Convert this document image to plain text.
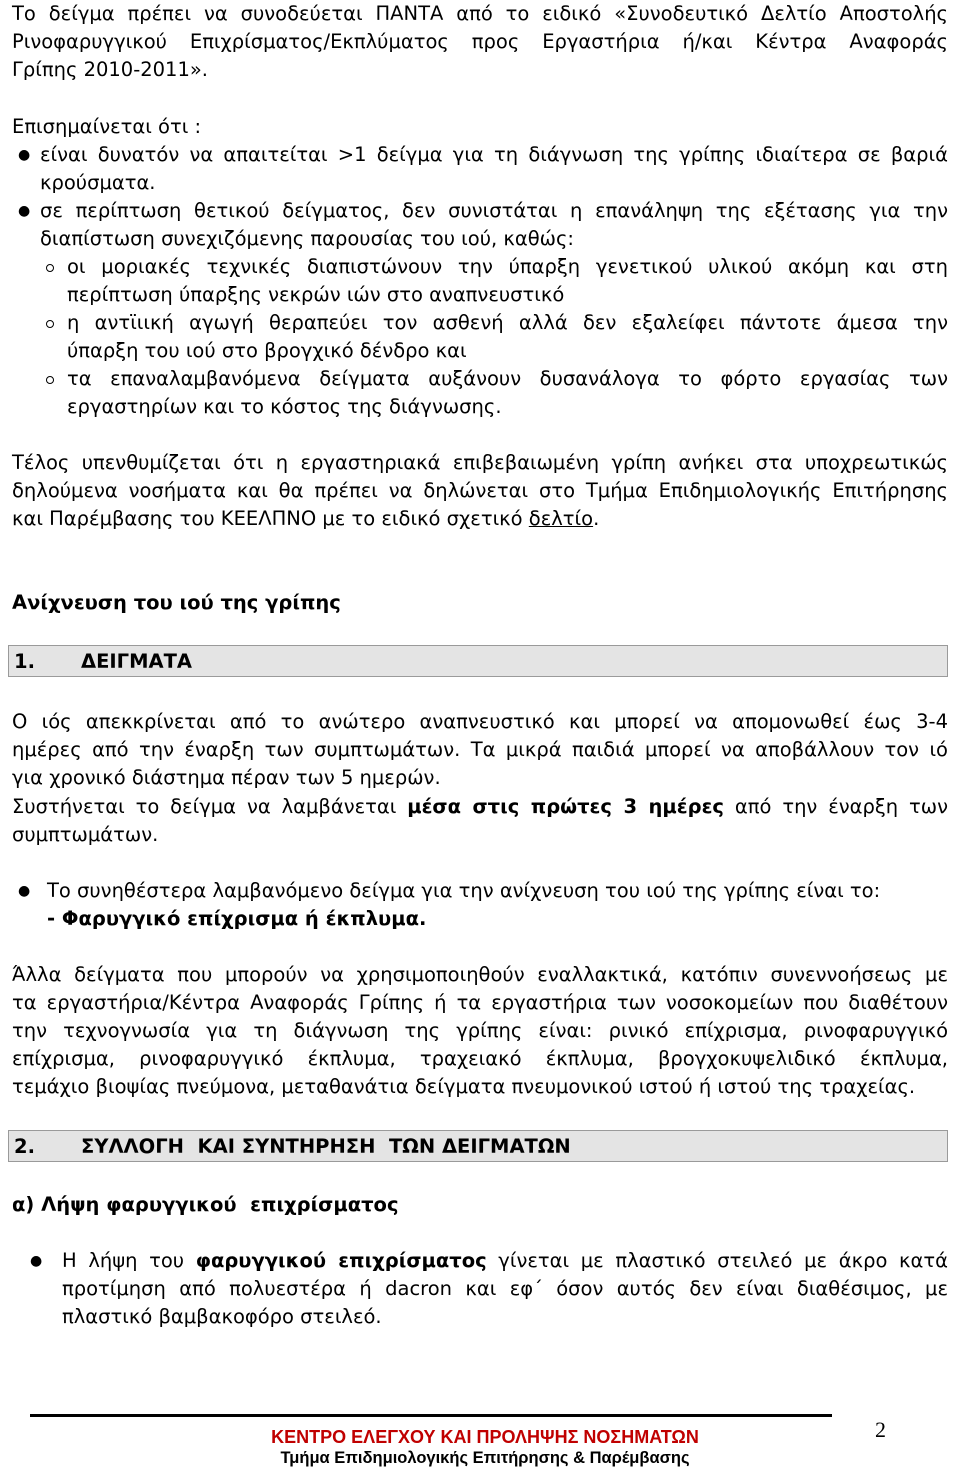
Το δείγμα πρέπει να συνοδεύεται ΠΑΝΤΑ από το ειδικό «Συνοδευτικό Δελτίο Αποστολής
Ρινοφαρυγγικού Επιχρίσματος/Εκπλύματος προς Εργαστήρια ή/και Κέντρα Αναφοράς
Γρίπης 2010-2011».
Επισημαίνεται ότι :
● είναι δυνατόν να απαιτείται >1 δείγμα για τη διάγνωση της γρίπης ιδιαίτερα σε βαριά
κρούσματα.
● σε περίπτωση θετικού δείγματος, δεν συνιστάται η επανάληψη της εξέτασης για την
διαπίστωση συνεχιζόμενης παρουσίας του ιού, καθώς:
οι μοριακές τεχνικές διαπιστώνουν την ύπαρξη γενετικού υλικού ακόμη και στη
περίπτωση ύπαρξης νεκρών ιών στο αναπνευστικό
η αντϊιική αγωγή θεραπεύει τον ασθενή αλλά δεν εξαλείφει πάντοτε άμεσα την
ύπαρξη του ιού στο βρογχικό δένδρο και
τα επαναλαμβανόμενα δείγματα αυξάνουν δυσανάλογα το φόρτο εργασίας των
εργαστηρίων και το κόστος της διάγνωσης.
Τέλος υπενθυμίζεται ότι η εργαστηριακά επιβεβαιωμένη γρίπη ανήκει στα υποχρεωτικώς
δηλούμενα νοσήματα και θα πρέπει να δηλώνεται στο Τμήμα Επιδημιολογικής Επιτήρησης
και Παρέμβασης του ΚΕΕΛΠΝΟ με το ειδικό σχετικό δελτίο.
Ανίχνευση του ιού της γρίπης
1. ΔΕΙΓΜΑΤΑ
Ο ιός απεκκρίνεται από το ανώτερο αναπνευστικό και μπορεί να απομονωθεί έως 3-4
ημέρες από την έναρξη των συμπτωμάτων. Τα μικρά παιδιά μπορεί να αποβάλλουν τον ιό
για χρονικό διάστημα πέραν των 5 ημερών.
Συστήνεται το δείγμα να λαμβάνεται μέσα στις πρώτες 3 ημέρες από την έναρξη των
συμπτωμάτων.
● Το συνηθέστερα λαμβανόμενο δείγμα για την ανίχνευση του ιού της γρίπης είναι το:
- Φαρυγγικό επίχρισμα ή έκπλυμα.
Άλλα δείγματα που μπορούν να χρησιμοποιηθούν εναλλακτικά, κατόπιν συνεννοήσεως με
τα εργαστήρια/Κέντρα Αναφοράς Γρίπης ή τα εργαστήρια των νοσοκομείων που διαθέτουν
την τεχνογνωσία για τη διάγνωση της γρίπης είναι: ρινικό επίχρισμα, ρινοφαρυγγικό
επίχρισμα, ρινοφαρυγγικό έκπλυμα, τραχειακό έκπλυμα, βρογχοκυψελιδικό έκπλυμα,
τεμάχιο βιοψίας πνεύμονα, μεταθανάτια δείγματα πνευμονικού ιστού ή ιστού της τραχείας.
2. ΣΥΛΛΟΓΗ  ΚΑΙ ΣΥΝΤΗΡΗΣΗ  ΤΩΝ ΔΕΙΓΜΑΤΩΝ
α) Λήψη φαρυγγικού  επιχρίσματος
● Η λήψη του φαρυγγικού επιχρίσματος γίνεται με πλαστικό στειλεό με άκρο κατά
προτίμηση από πολυεστέρα ή dacron και εφ΄ όσον αυτός δεν είναι διαθέσιμος, με
πλαστικό βαμβακοφόρο στειλεό.
ΚΕΝΤΡΟ ΕΛΕΓΧΟΥ ΚΑΙ ΠΡΟΛΗΨΗΣ ΝΟΣΗΜΑΤΩΝ
Τμήμα Επιδημιολογικής Επιτήρησης & Παρέμβασης
2
